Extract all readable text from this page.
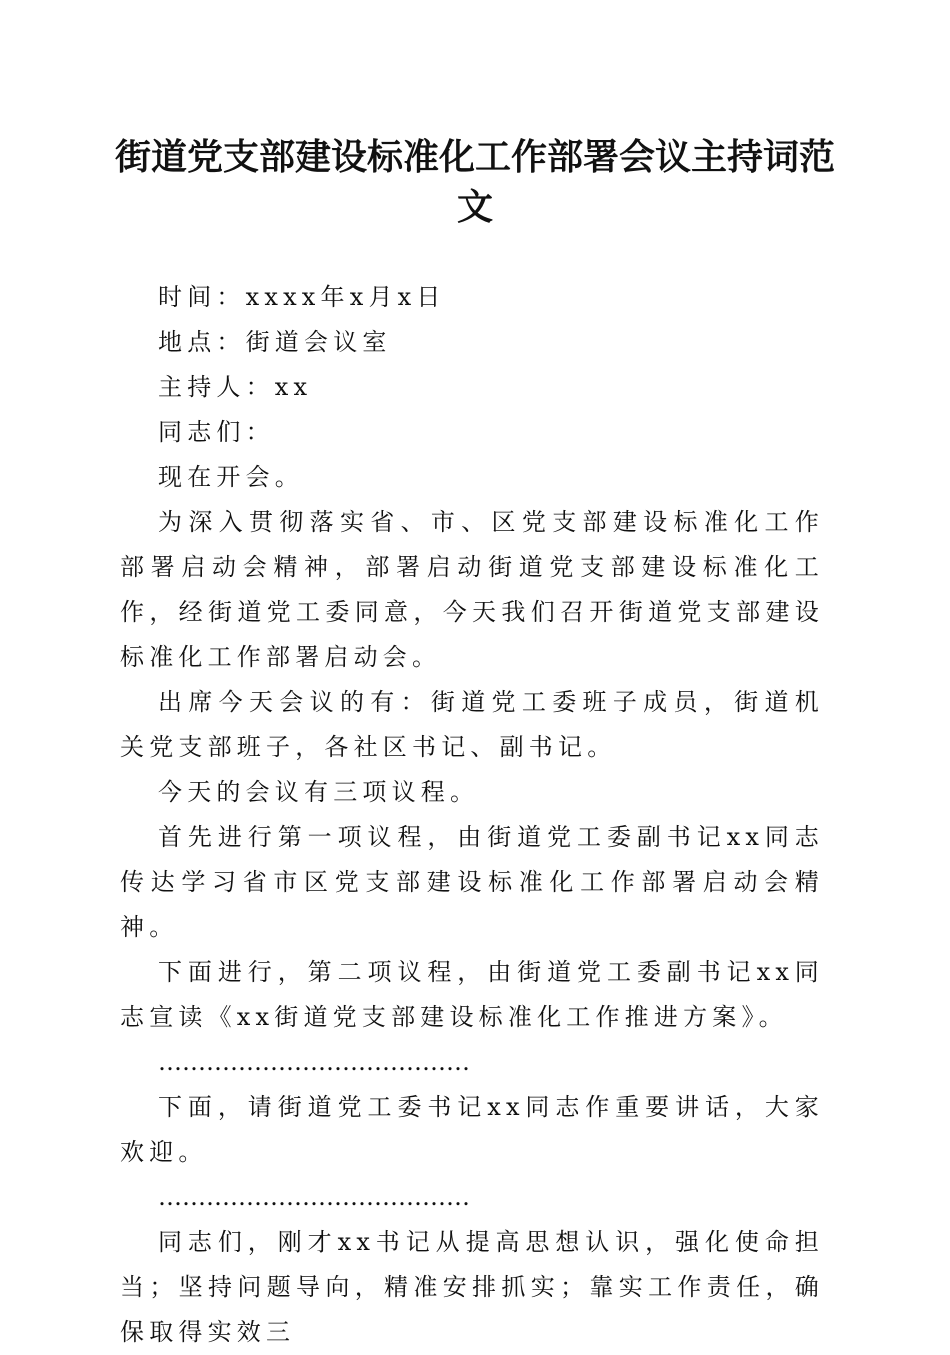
街道党支部建设标准化工作部署会议主持词范
文

时间：xxxx年x月x日

地点：街道会议室

主持人：xx

同志们：

现在开会。

为深入贯彻落实省、市、区党支部建设标准化工作部署启动会精神，部署启动街道党支部建设标准化工作，经街道党工委同意，今天我们召开街道党支部建设标准化工作部署启动会。

出席今天会议的有：街道党工委班子成员，街道机关党支部班子，各社区书记、副书记。

今天的会议有三项议程。

首先进行第一项议程，由街道党工委副书记xx同志传达学习省市区党支部建设标准化工作部署启动会精神。

下面进行，第二项议程，由街道党工委副书记xx同志宣读《xx街道党支部建设标准化工作推进方案》。

…………………………………

下面，请街道党工委书记xx同志作重要讲话，大家欢迎。

…………………………………

同志们，刚才xx书记从提高思想认识，强化使命担当；坚持问题导向，精准安排抓实；靠实工作责任，确保取得实效三
